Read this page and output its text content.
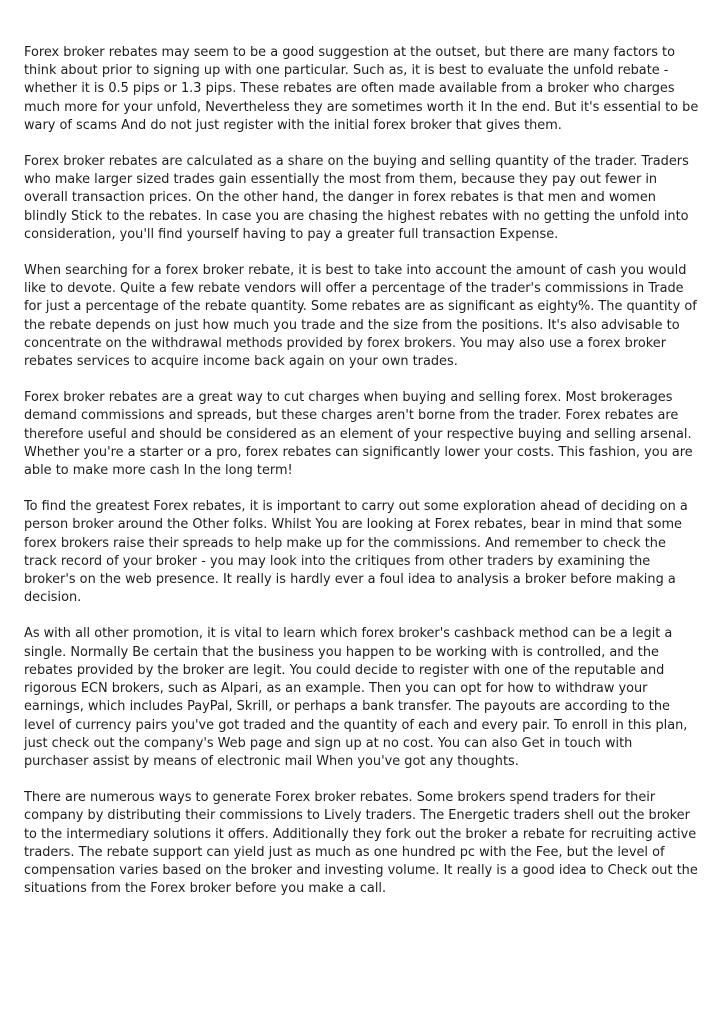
Forex broker rebates may seem to be a good suggestion at the outset, but there are many factors to think about prior to signing up with one particular. Such as, it is best to evaluate the unfold rebate - whether it is 0.5 pips or 1.3 pips. These rebates are often made available from a broker who charges much more for your unfold, Nevertheless they are sometimes worth it In the end. But it's essential to be wary of scams And do not just register with the initial forex broker that gives them.

Forex broker rebates are calculated as a share on the buying and selling quantity of the trader. Traders who make larger sized trades gain essentially the most from them, because they pay out fewer in overall transaction prices. On the other hand, the danger in forex rebates is that men and women blindly Stick to the rebates. In case you are chasing the highest rebates with no getting the unfold into consideration, you'll find yourself having to pay a greater full transaction Expense.

When searching for a forex broker rebate, it is best to take into account the amount of cash you would like to devote. Quite a few rebate vendors will offer a percentage of the trader's commissions in Trade for just a percentage of the rebate quantity. Some rebates are as significant as eighty%. The quantity of the rebate depends on just how much you trade and the size from the positions. It's also advisable to concentrate on the withdrawal methods provided by forex brokers. You may also use a forex broker rebates services to acquire income back again on your own trades.

Forex broker rebates are a great way to cut charges when buying and selling forex. Most brokerages demand commissions and spreads, but these charges aren't borne from the trader. Forex rebates are therefore useful and should be considered as an element of your respective buying and selling arsenal. Whether you're a starter or a pro, forex rebates can significantly lower your costs. This fashion, you are able to make more cash In the long term!

To find the greatest Forex rebates, it is important to carry out some exploration ahead of deciding on a person broker around the Other folks. Whilst You are looking at Forex rebates, bear in mind that some forex brokers raise their spreads to help make up for the commissions. And remember to check the track record of your broker - you may look into the critiques from other traders by examining the broker's on the web presence. It really is hardly ever a foul idea to analysis a broker before making a decision.

As with all other promotion, it is vital to learn which forex broker's cashback method can be a legit a single. Normally Be certain that the business you happen to be working with is controlled, and the rebates provided by the broker are legit. You could decide to register with one of the reputable and rigorous ECN brokers, such as Alpari, as an example. Then you can opt for how to withdraw your earnings, which includes PayPal, Skrill, or perhaps a bank transfer. The payouts are according to the level of currency pairs you've got traded and the quantity of each and every pair. To enroll in this plan, just check out the company's Web page and sign up at no cost. You can also Get in touch with purchaser assist by means of electronic mail When you've got any thoughts.

There are numerous ways to generate Forex broker rebates. Some brokers spend traders for their company by distributing their commissions to Lively traders. The Energetic traders shell out the broker to the intermediary solutions it offers. Additionally they fork out the broker a rebate for recruiting active traders. The rebate support can yield just as much as one hundred pc with the Fee, but the level of compensation varies based on the broker and investing volume. It really is a good idea to Check out the situations from the Forex broker before you make a call.
